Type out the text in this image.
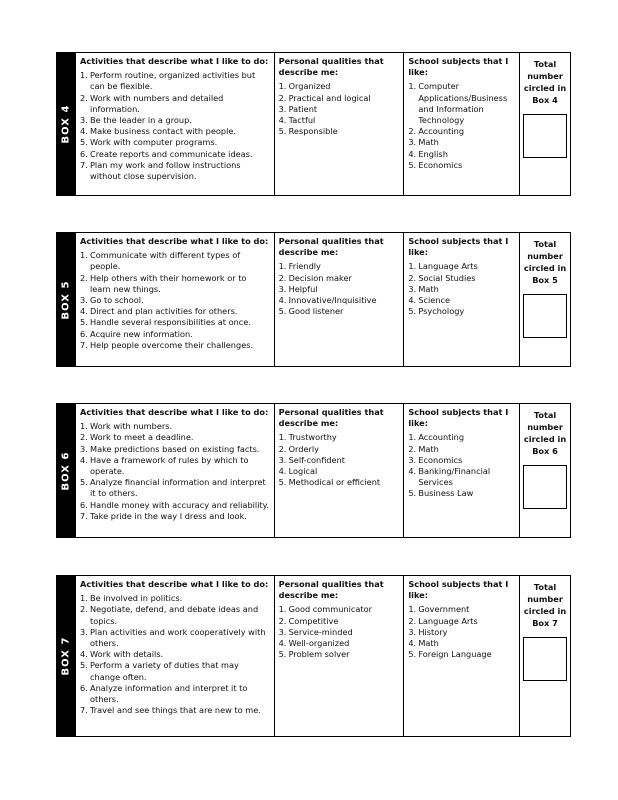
BOX 4
Activities that describe what I like to do:
1. Perform routine, organized activities but can be flexible.
2. Work with numbers and detailed information.
3. Be the leader in a group.
4. Make business contact with people.
5. Work with computer programs.
6. Create reports and communicate ideas.
7. Plan my work and follow instructions without close supervision.
Personal qualities that describe me:
1. Organized
2. Practical and logical
3. Patient
4. Tactful
5. Responsible
School subjects that I like:
1. Computer Applications/Business and Information Technology
2. Accounting
3. Math
4. English
5. Economics
Total number circled in Box 4
BOX 5
Activities that describe what I like to do:
1. Communicate with different types of people.
2. Help others with their homework or to learn new things.
3. Go to school.
4. Direct and plan activities for others.
5. Handle several responsibilities at once.
6. Acquire new information.
7. Help people overcome their challenges.
Personal qualities that describe me:
1. Friendly
2. Decision maker
3. Helpful
4. Innovative/Inquisitive
5. Good listener
School subjects that I like:
1. Language Arts
2. Social Studies
3. Math
4. Science
5. Psychology
Total number circled in Box 5
BOX 6
Activities that describe what I like to do:
1. Work with numbers.
2. Work to meet a deadline.
3. Make predictions based on existing facts.
4. Have a framework of rules by which to operate.
5. Analyze financial information and interpret it to others.
6. Handle money with accuracy and reliability.
7. Take pride in the way I dress and look.
Personal qualities that describe me:
1. Trustworthy
2. Orderly
3. Self-confident
4. Logical
5. Methodical or efficient
School subjects that I like:
1. Accounting
2. Math
3. Economics
4. Banking/Financial Services
5. Business Law
Total number circled in Box 6
BOX 7
Activities that describe what I like to do:
1. Be involved in politics.
2. Negotiate, defend, and debate ideas and topics.
3. Plan activities and work cooperatively with others.
4. Work with details.
5. Perform a variety of duties that may change often.
6. Analyze information and interpret it to others.
7. Travel and see things that are new to me.
Personal qualities that describe me:
1. Good communicator
2. Competitive
3. Service-minded
4. Well-organized
5. Problem solver
School subjects that I like:
1. Government
2. Language Arts
3. History
4. Math
5. Foreign Language
Total number circled in Box 7
